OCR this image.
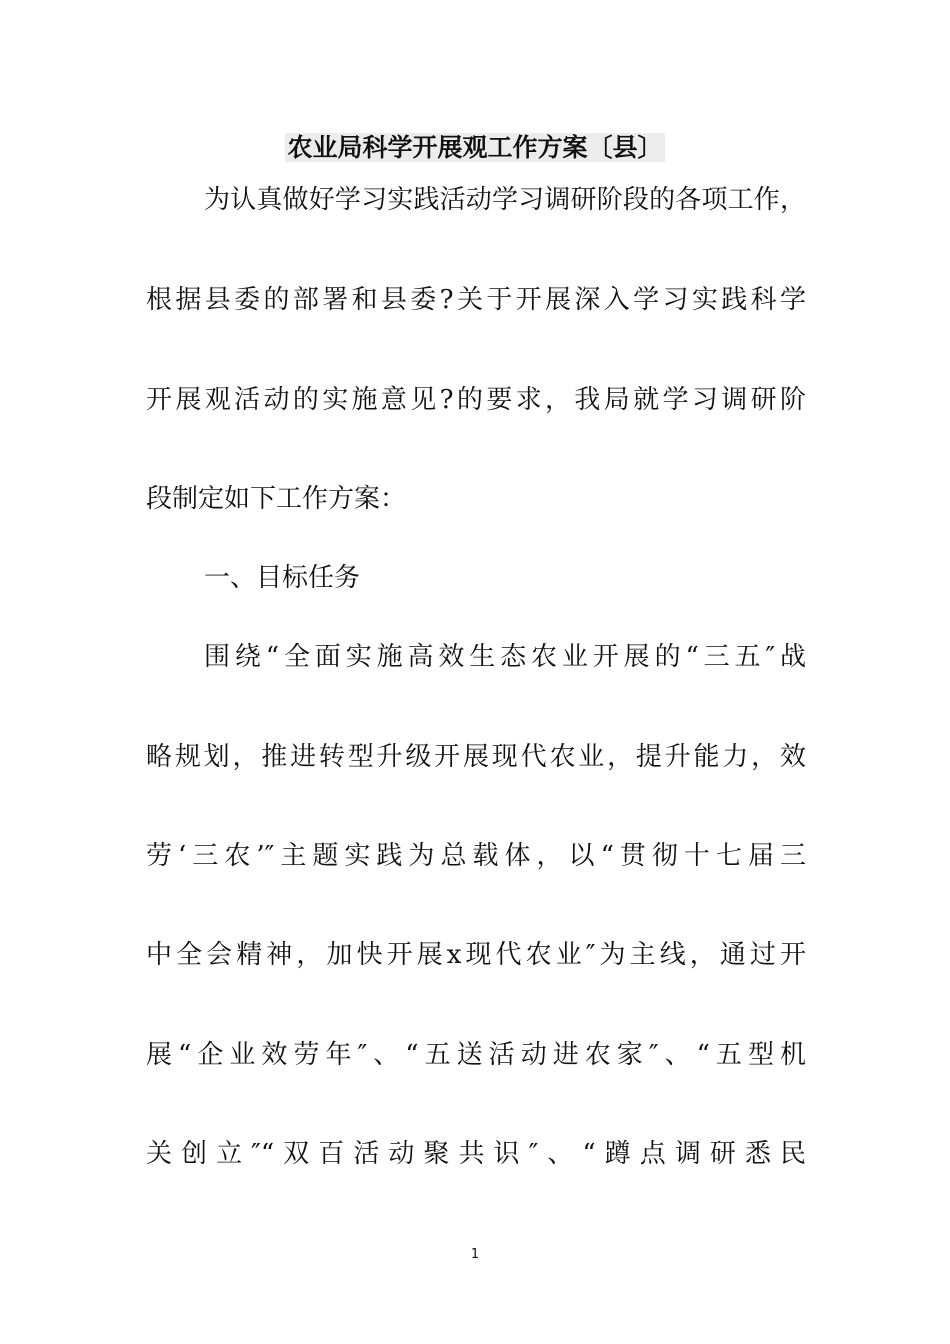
农业局科学开展观工作方案〔县〕
为认真做好学习实践活动学习调研阶段的各项工作，
根据县委的部署和县委?关于开展深入学习实践科学
开展观活动的实施意见?的要求，我局就学习调研阶
段制定如下工作方案：
一、目标任务
围绕“全面实施高效生态农业开展的“三五″战
略规划，推进转型升级开展现代农业，提升能力，效
劳‘三农’″主题实践为总载体，以“贯彻十七届三
中全会精神，加快开展x现代农业″为主线，通过开
展“企业效劳年″、“五送活动进农家″、“五型机
关创立″“双百活动聚共识″、“蹲点调研悉民
1
